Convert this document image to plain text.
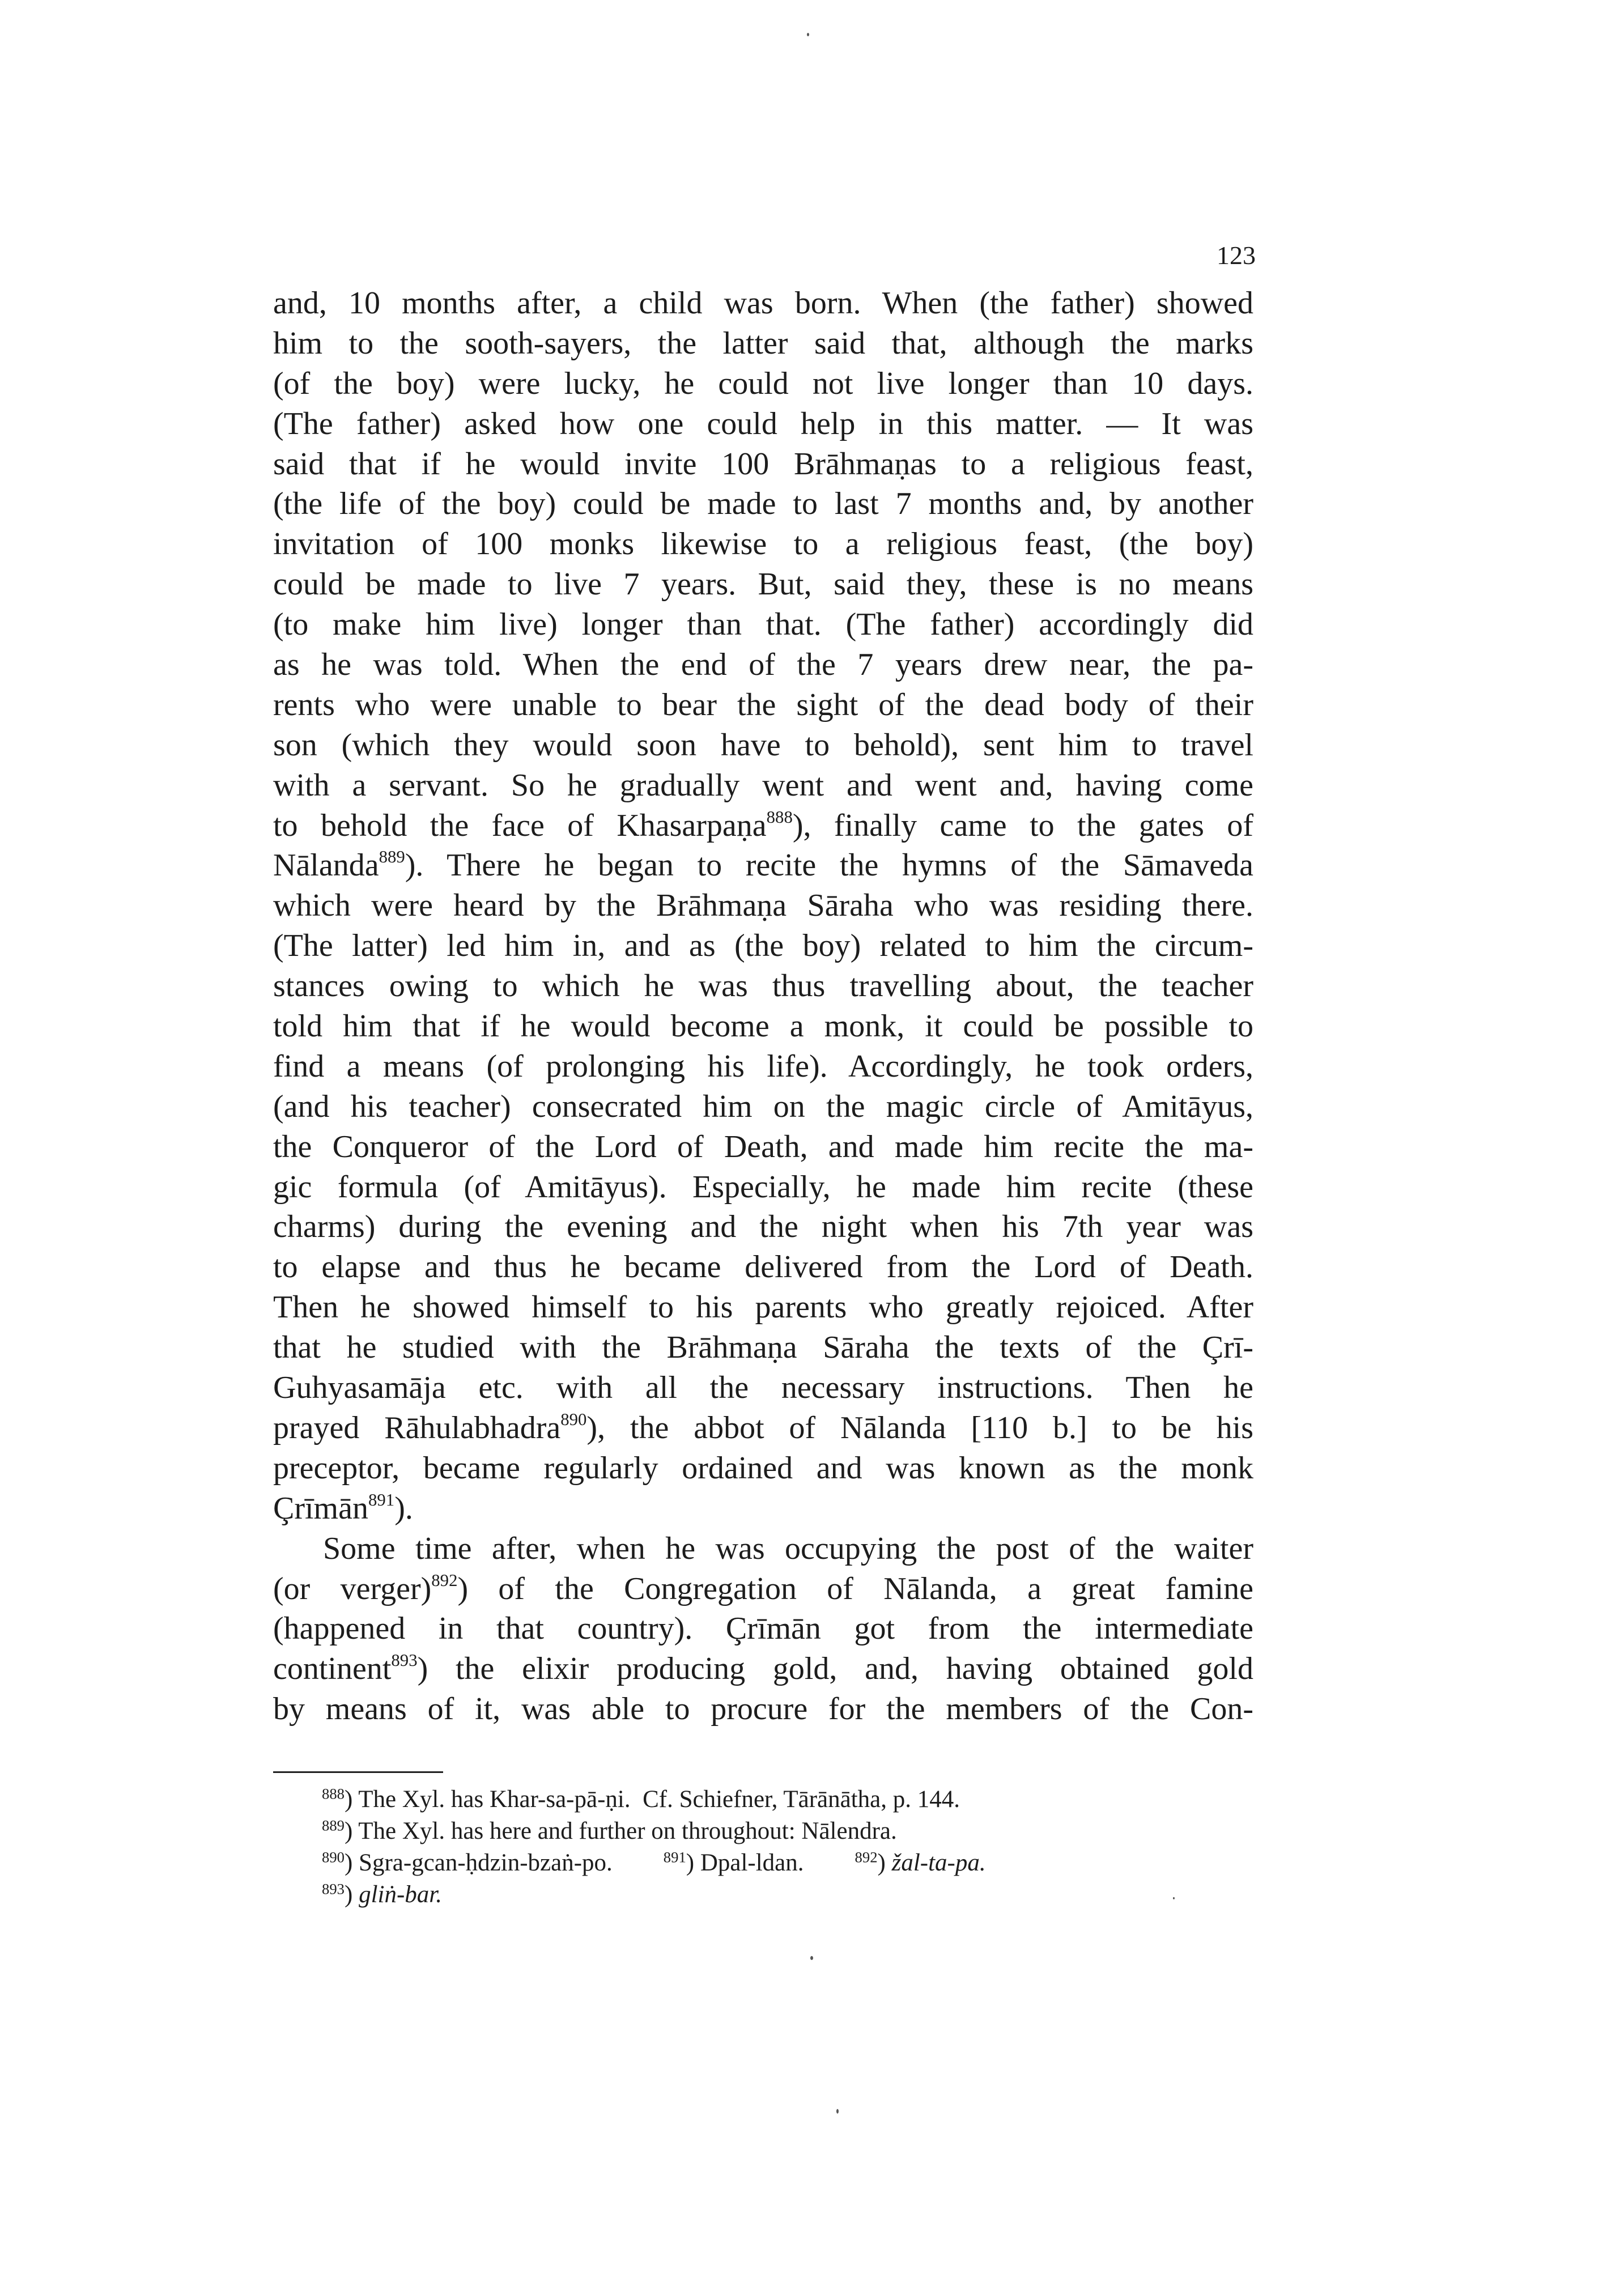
123
and, 10 months after, a child was born. When (the father) showed
him to the sooth-sayers, the latter said that, although the marks
(of the boy) were lucky, he could not live longer than 10 days.
(The father) asked how one could help in this matter. — It was
said that if he would invite 100 Brāhmaṇas to a religious feast,
(the life of the boy) could be made to last 7 months and, by another
invitation of 100 monks likewise to a religious feast, (the boy)
could be made to live 7 years. But, said they, these is no means
(to make him live) longer than that. (The father) accordingly did
as he was told. When the end of the 7 years drew near, the pa-
rents who were unable to bear the sight of the dead body of their
son (which they would soon have to behold), sent him to travel
with a servant. So he gradually went and went and, having come
to behold the face of Khasarpaṇa$^{888}$), finally came to the gates of
Nālanda$^{889}$). There he began to recite the hymns of the Sāmaveda
which were heard by the Brāhmaṇa Sāraha who was residing there.
(The latter) led him in, and as (the boy) related to him the circum-
stances owing to which he was thus travelling about, the teacher
told him that if he would become a monk, it could be possible to
find a means (of prolonging his life). Accordingly, he took orders,
(and his teacher) consecrated him on the magic circle of Amitāyus,
the Conqueror of the Lord of Death, and made him recite the ma-
gic formula (of Amitāyus). Especially, he made him recite (these
charms) during the evening and the night when his 7th year was
to elapse and thus he became delivered from the Lord of Death.
Then he showed himself to his parents who greatly rejoiced. After
that he studied with the Brāhmaṇa Sāraha the texts of the Çrī-
Guhyasamāja etc. with all the necessary instructions. Then he
prayed Rāhulabhadra$^{890}$), the abbot of Nālanda [110 b.] to be his
preceptor, became regularly ordained and was known as the monk
Çrīmān$^{891}$).
Some time after, when he was occupying the post of the waiter
(or verger)$^{892}$) of the Congregation of Nālanda, a great famine
(happened in that country). Çrīmān got from the intermediate
continent$^{893}$) the elixir producing gold, and, having obtained gold
by means of it, was able to procure for the members of the Con-
$^{888}$) The Xyl. has Khar-sa-pā-ṇi.  Cf. Schiefner, Tārānātha, p. 144.
$^{889}$) The Xyl. has here and further on throughout: Nālendra.
$^{890}$) Sgra-gcan-ḥdzin-bzaṅ-po.	$^{891}$) Dpal-ldan.	$^{892}$) žal-ta-pa.
$^{893}$) gliṅ-bar.
